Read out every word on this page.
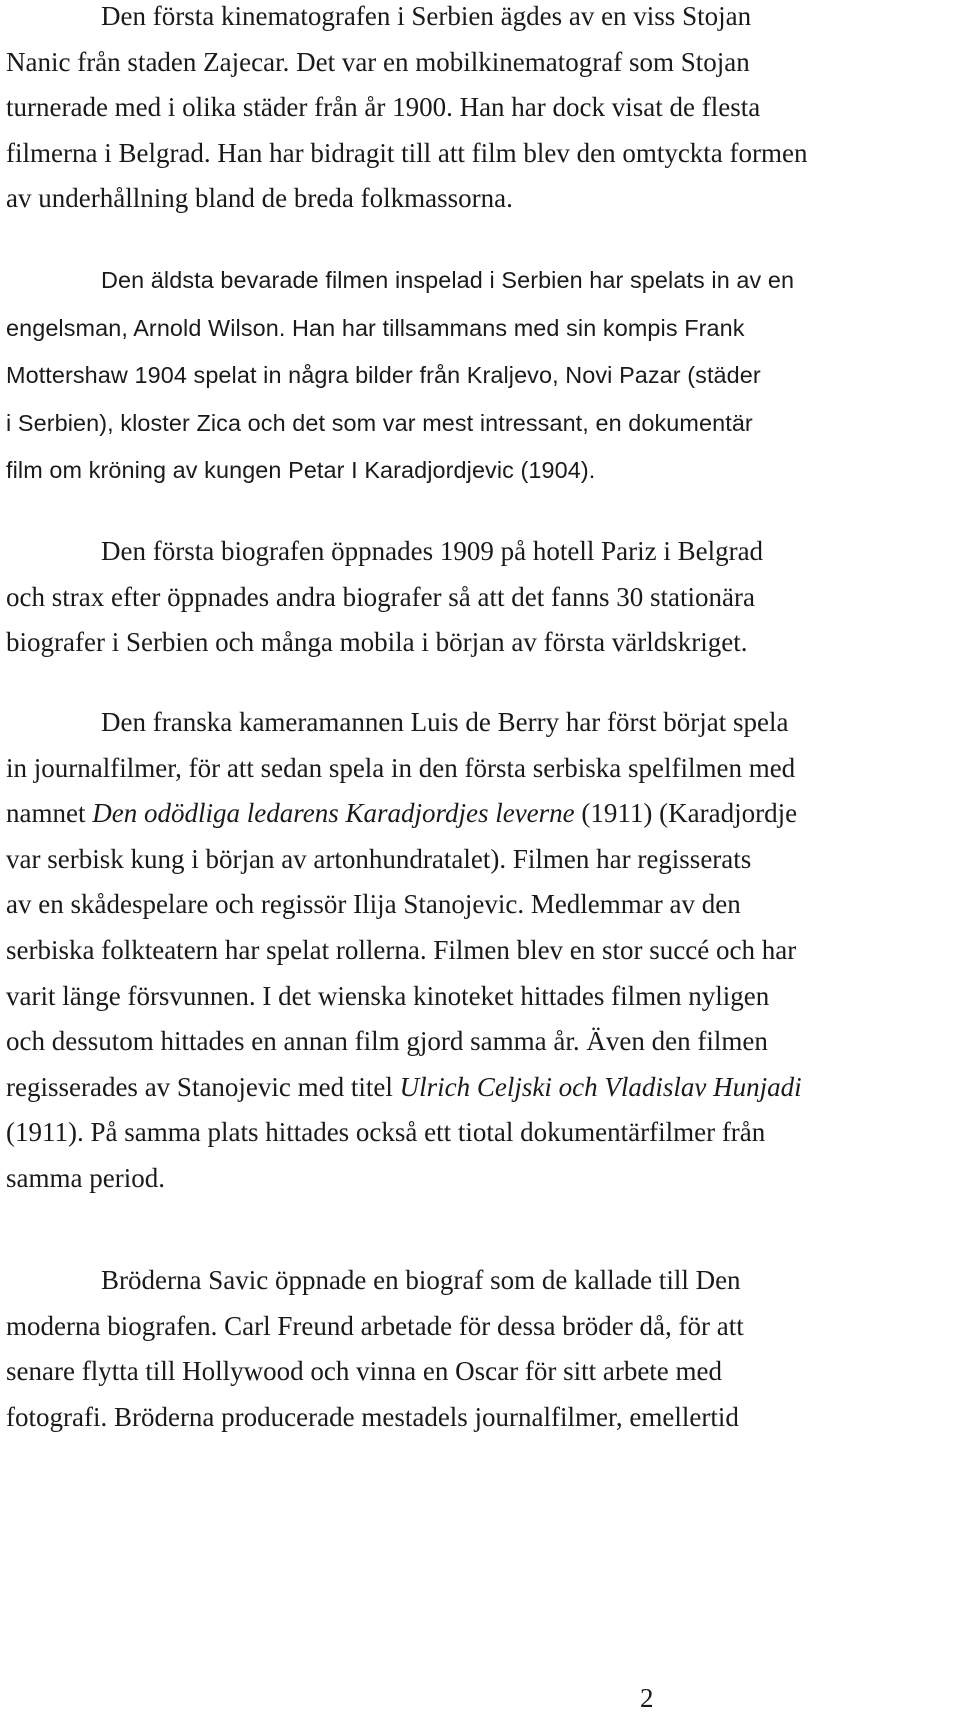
Den första kinematografen i Serbien ägdes av en viss Stojan
Nanic från staden Zajecar. Det var en mobilkinematograf som Stojan
turnerade med i olika städer från år 1900. Han har dock visat de flesta
filmerna i Belgrad. Han har bidragit till att film blev den omtyckta formen
av underhållning bland de breda folkmassorna.
Den äldsta bevarade filmen inspelad i Serbien har spelats in av en
engelsman, Arnold Wilson. Han har tillsammans med sin kompis Frank
Mottershaw 1904 spelat in några bilder från Kraljevo, Novi Pazar (städer
i Serbien), kloster Zica och det som var mest intressant, en dokumentär
film om kröning av kungen Petar I Karadjordjevic (1904).
Den första biografen öppnades 1909 på hotell Pariz i Belgrad
och strax efter öppnades andra biografer så att det fanns 30 stationära
biografer i Serbien och många mobila i början av första världskriget.
Den franska kameramannen Luis de Berry har först börjat spela
in journalfilmer, för att sedan spela in den första serbiska spelfilmen med
namnet Den odödliga ledarens Karadjordjes leverne (1911) (Karadjordje
var serbisk kung i början av artonhundratalet). Filmen har regisserats
av en skådespelare och regissör Ilija Stanojevic. Medlemmar av den
serbiska folkteatern har spelat rollerna. Filmen blev en stor succé och har
varit länge försvunnen. I det wienska kinoteket hittades filmen nyligen
och dessutom hittades en annan film gjord samma år. Även den filmen
regisserades av Stanojevic med titel Ulrich Celjski och Vladislav Hunjadi
(1911). På samma plats hittades också ett tiotal dokumentärfilmer från
samma period.
Bröderna Savic öppnade en biograf som de kallade till Den
moderna biografen. Carl Freund arbetade för dessa bröder då, för att
senare flytta till Hollywood och vinna en Oscar för sitt arbete med
fotografi. Bröderna producerade mestadels journalfilmer, emellertid
2
